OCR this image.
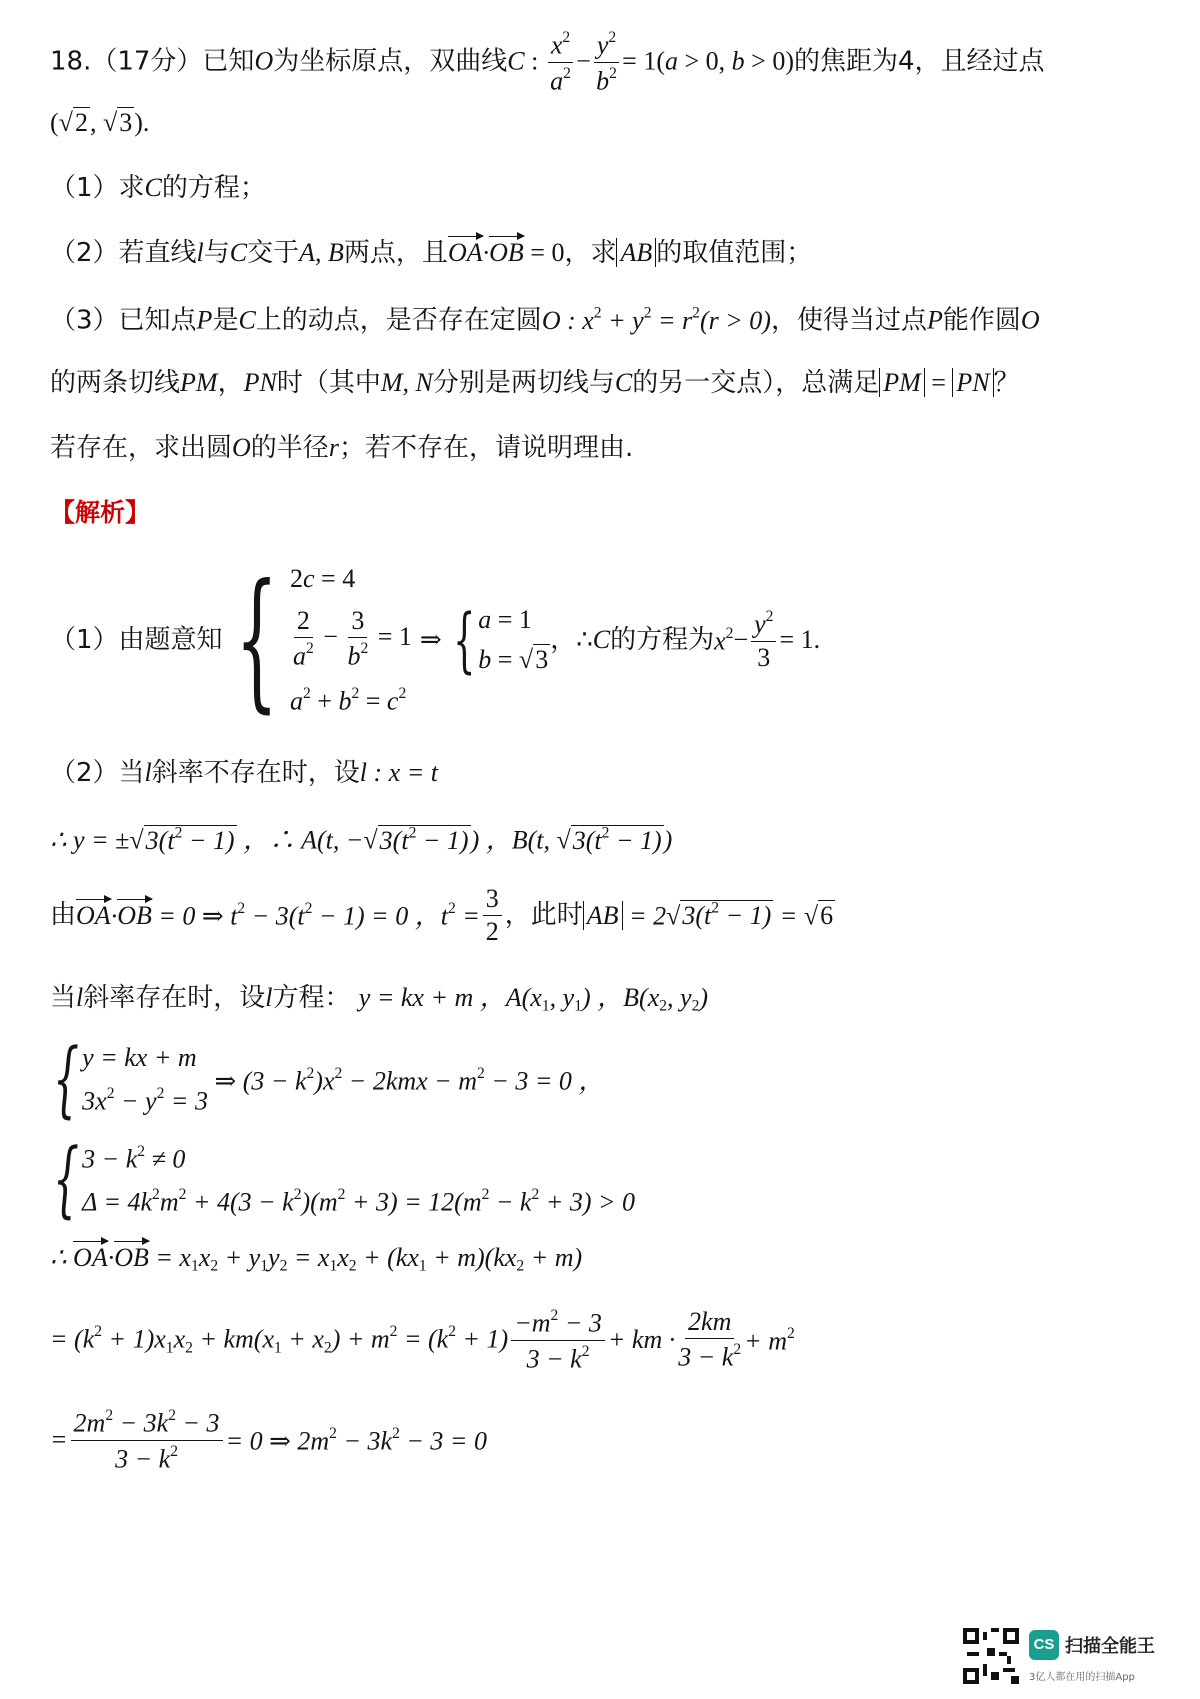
18.（17分）已知O为坐标原点，双曲线C : $\frac{x^2}{a^2} - \frac{y^2}{b^2} = 1(a > 0$, b > 0)的焦距为4，且经过点
(√2, √3).
（1）求C的方程；
（2）若直线l与C交于A, B两点，且OA·OB = 0，求 AB 的取值范围；
（3）已知点P是C上的动点，是否存在定圆O : $x^2 + y^2 = r^2(r > 0)$，使得当过点P能作圆O
的两条切线PM，PN时（其中M, N分别是两切线与C的另一交点），总满足 PM = PN ？
若存在，求出圆O的半径r；若不存在，请说明理由.
【解析】
（1）由题意知 { 2c = 4
$\frac{2}{a^2} - \frac{3}{b^2} = 1$
$a^2 + b^2 = c^2$
⇒ { a = 1
b = √3
，∴ C 的方程为 $x^2 - \frac{y^2}{3} = 1$.
（2）当l斜率不存在时，设l : x = t
∴ $y = \pm√3(t^2 - 1)$ ，∴ A(t, $-√3(t^2 - 1)$) ，B(t, $√3(t^2 - 1)$)
由 OA·OB = 0 ⇒ $t^2 - 3(t^2 - 1) = 0$ ，$t^2 = \frac{3}{2}$ ，此时 AB = $2√3(t^2 - 1) = √6$
当l斜率存在时，设l方程： y = kx + m ，$A(x_1$, $y_1$) ，$B(x_2$, $y_2$)
{ y = kx + m
$3x^2 - y^2 = 3$
⇒ $(3 - k^2)x^2 - 2kmx - m^2 - 3 = 0$ ，
{ $3 - k^2 \ne 0$
$\Delta = 4k^2m^2 + 4(3 - k^2)(m^2 + 3) = 12(m^2 - k^2 + 3) > 0$
∴ $OA\cdot OB = x_1x_2 + y_1y_2 = x_1x_2 + (kx_1 + m)(kx_2 + m)$
= $(k^2 + 1)x_1x_2 + km(x_1 + x_2) + m^2 = (k^2 + 1) \frac{-m^2 - 3}{3 - k^2}$ + km · $\frac{2km}{3 - k^2} + m^2$
= $\frac{2m^2 - 3k^2 - 3}{3 - k^2} = 0$ ⇒ $2m^2 - 3k^2 - 3 = 0$
CS 扫描全能王
3亿人都在用的扫描App
